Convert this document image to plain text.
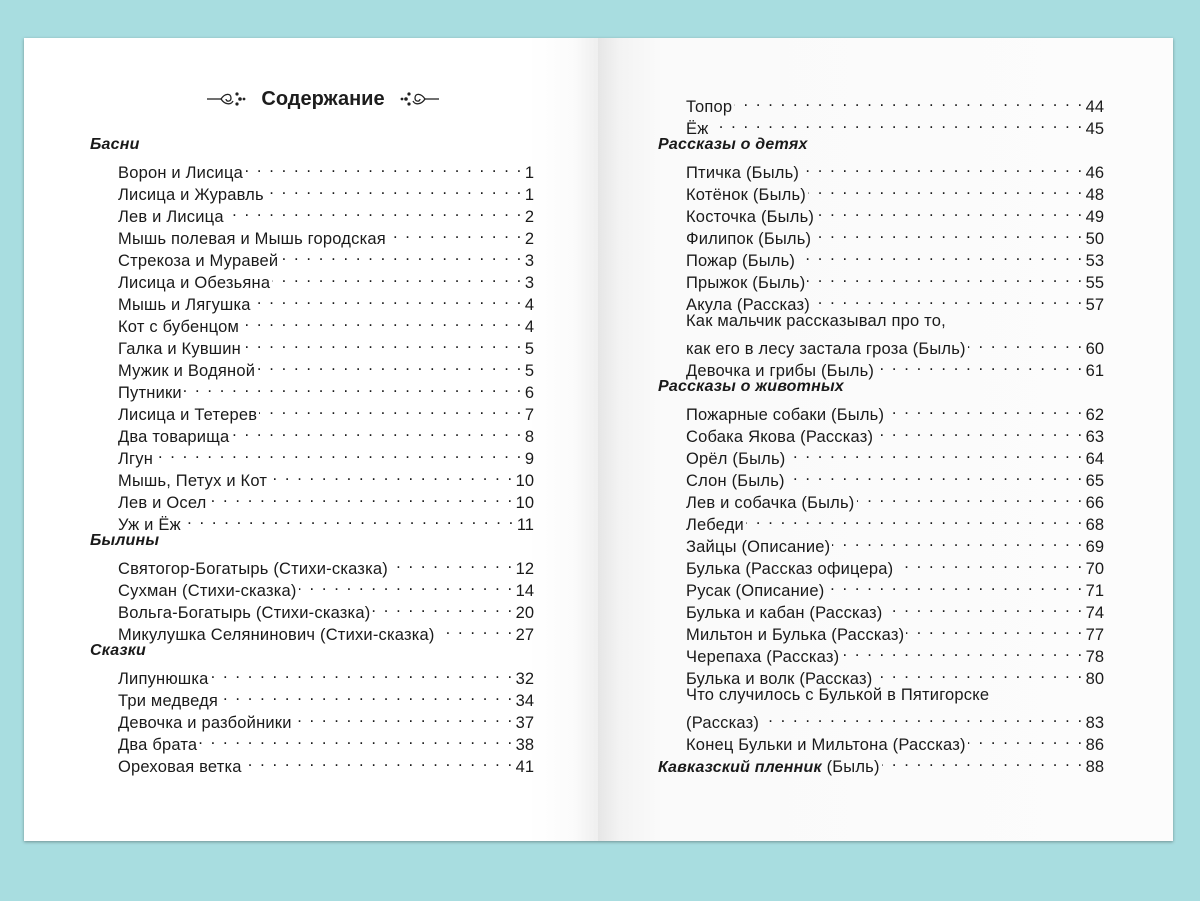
Содержание
Басни
Ворон и Лисица . . .	1
Лисица и Журавль . . .	1
Лев и Лисица . . .	2
Мышь полевая и Мышь городская . . .	2
Стрекоза и Муравей . . .	3
Лисица и Обезьяна . . .	3
Мышь и Лягушка . . .	4
Кот с бубенцом . . .	4
Галка и Кувшин . . .	5
Мужик и Водяной . . .	5
Путники . . .	6
Лисица и Тетерев . . .	7
Два товарища . . .	8
Лгун . . .	9
Мышь, Петух и Кот . . .	10
Лев и Осел . . .	10
Уж и Ёж . . .	11
Былины
Святогор-Богатырь (Стихи-сказка) . . .	12
Сухман (Стихи-сказка) . . .	14
Вольга-Богатырь (Стихи-сказка) . . .	20
Микулушка Селянинович (Стихи-сказка) . . .	27
Сказки
Липунюшка . . .	32
Три медведя . . .	34
Девочка и разбойники . . .	37
Два брата . . .	38
Ореховая ветка . . .	41
Топор . . .	44
Ёж . . .	45
Рассказы о детях
Птичка (Быль) . . .	46
Котёнок (Быль) . . .	48
Косточка (Быль) . . .	49
Филипок (Быль) . . .	50
Пожар (Быль) . . .	53
Прыжок (Быль) . . .	55
Акула (Рассказ) . . .	57
Как мальчик рассказывал про то,
как его в лесу застала гроза (Быль) . . .	60
Девочка и грибы (Быль) . . .	61
Рассказы о животных
Пожарные собаки (Быль) . . .	62
Собака Якова (Рассказ) . . .	63
Орёл (Быль) . . .	64
Слон (Быль) . . .	65
Лев и собачка (Быль) . . .	66
Лебеди . . .	68
Зайцы (Описание) . . .	69
Булька (Рассказ офицера) . . .	70
Русак (Описание) . . .	71
Булька и кабан (Рассказ) . . .	74
Мильтон и Булька (Рассказ) . . .	77
Черепаха (Рассказ) . . .	78
Булька и волк (Рассказ) . . .	80
Что случилось с Булькой в Пятигорске
(Рассказ) . . .	83
Конец Бульки и Мильтона (Рассказ) . . .	86
Кавказский пленник (Быль) . . .	88
